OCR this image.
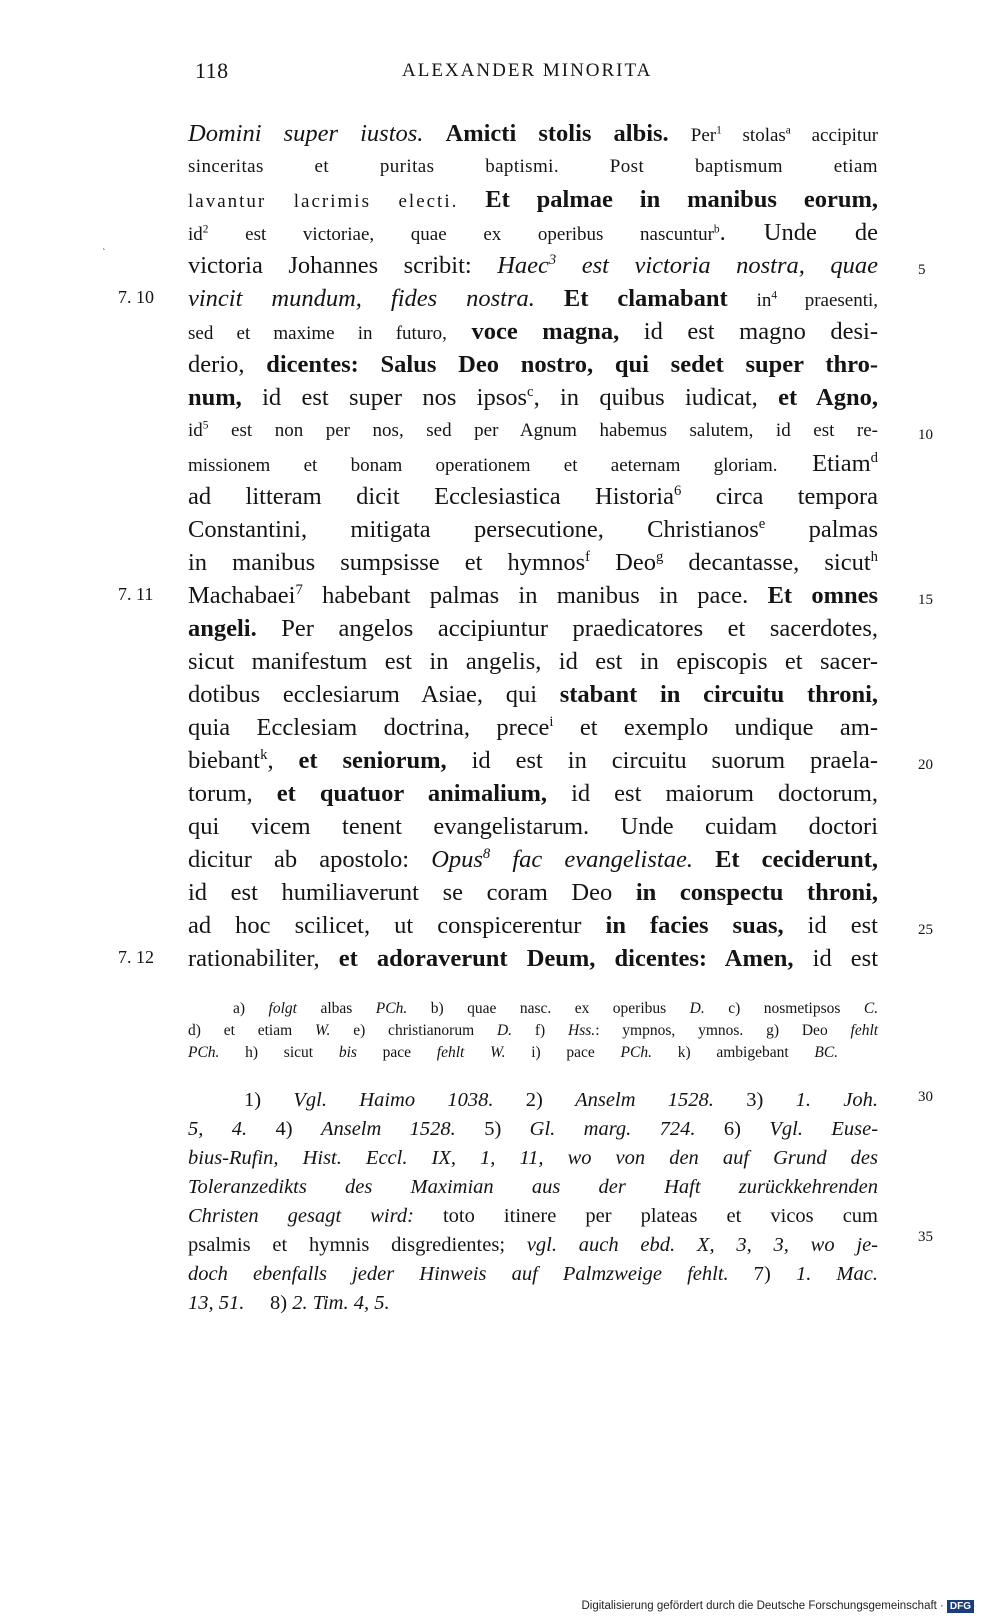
118	ALEXANDER MINORITA
˻
7. 10
7. 11
7. 12
5
10
15
20
25
30
35
Domini super iustos. Amicti stolis albis. Per$^1$ stolas$^a$ accipitur
sinceritas et puritas baptismi. Post baptismum etiam
lavantur lacrimis electi. Et palmae in manibus eorum,
$id^2$ est victoriae, quae ex operibus nascuntur$^b$. Unde de
victoria Johannes scribit: Haec$^3$ est victoria nostra, quae
vincit mundum, fides nostra. Et clamabant $in^4$ praesenti,
sed et maxime in futuro, voce magna, id est magno desi-
derio, dicentes: Salus Deo nostro, qui sedet super thro-
num, id est super nos ipsos$^c$, in quibus iudicat, et Agno,
$id^5$ est non per nos, sed per Agnum habemus salutem, id est re-
missionem et bonam operationem et aeternam gloriam. Etiam$^d$
ad litteram dicit Ecclesiastica Historia$^6$ circa tempora
Constantini, mitigata persecutione, Christianos$^e$ palmas
in manibus sumpsisse et hymnos$^f$ Deo$^g$ decantasse, sicut$^h$
Machabaei$^7$ habebant palmas in manibus in pace. Et omnes
angeli. Per angelos accipiuntur praedicatores et sacerdotes,
sicut manifestum est in angelis, id est in episcopis et sacer-
dotibus ecclesiarum Asiae, qui stabant in circuitu throni,
quia Ecclesiam doctrina, prece$^i$ et exemplo undique am-
biebant$^k$, et seniorum, id est in circuitu suorum praela-
torum, et quatuor animalium, id est maiorum doctorum,
qui vicem tenent evangelistarum. Unde cuidam doctori
dicitur ab apostolo: Opus$^8$ fac evangelistae. Et ceciderunt,
id est humiliaverunt se coram Deo in conspectu throni,
ad hoc scilicet, ut conspicerentur in facies suas, id est
rationabiliter, et adoraverunt Deum, dicentes: Amen, id est
a) folgt albas PCh. b) quae nasc. ex operibus D. c) nosmetipsos C.
d) et etiam W. e) christianorum D. f) Hss.: ympnos, ymnos. g) Deo fehlt
PCh. h) sicut bis pace fehlt W. i) pace PCh. k) ambigebant BC.
1) Vgl. Haimo 1038. 2) Anselm 1528. 3) 1. Joh.
5, 4. 4) Anselm 1528. 5) Gl. marg. 724. 6) Vgl. Euse-
bius-Rufin, Hist. Eccl. IX, 1, 11, wo von den auf Grund des
Toleranzedikts des Maximian aus der Haft zurückkehrenden
Christen gesagt wird: toto itinere per plateas et vicos cum
psalmis et hymnis disgredientes; vgl. auch ebd. X, 3, 3, wo je-
doch ebenfalls jeder Hinweis auf Palmzweige fehlt. 7) 1. Mac.
13, 51. 8) 2. Tim. 4, 5.
Digitalisierung gefördert durch die Deutsche Forschungsgemeinschaft · DFG
